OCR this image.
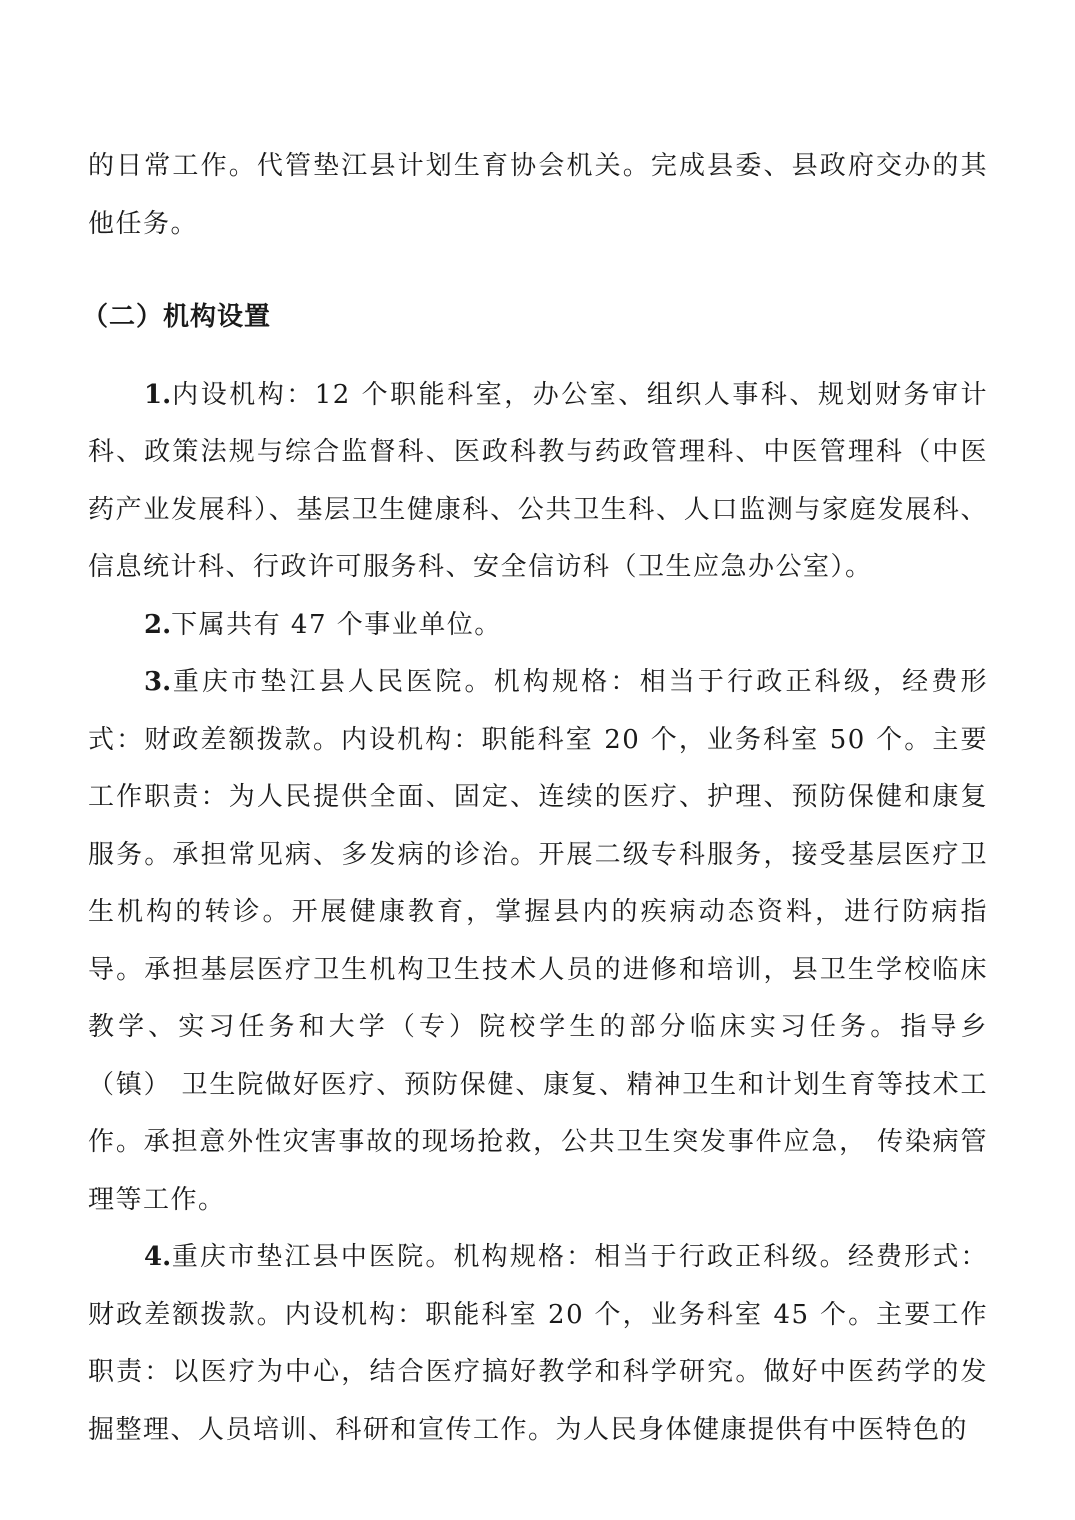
的日常工作。代管垫江县计划生育协会机关。完成县委、县政府交办的其他任务。

（二）机构设置

1.内设机构：12 个职能科室，办公室、组织人事科、规划财务审计科、政策法规与综合监督科、医政科教与药政管理科、中医管理科（中医药产业发展科）、基层卫生健康科、公共卫生科、人口监测与家庭发展科、信息统计科、行政许可服务科、安全信访科（卫生应急办公室）。

2.下属共有 47 个事业单位。

3.重庆市垫江县人民医院。机构规格：相当于行政正科级，经费形式：财政差额拨款。内设机构：职能科室 20 个，业务科室 50 个。主要工作职责：为人民提供全面、固定、连续的医疗、护理、预防保健和康复服务。承担常见病、多发病的诊治。开展二级专科服务，接受基层医疗卫生机构的转诊。开展健康教育，掌握县内的疾病动态资料，进行防病指导。承担基层医疗卫生机构卫生技术人员的进修和培训，县卫生学校临床教学、实习任务和大学（专）院校学生的部分临床实习任务。指导乡（镇） 卫生院做好医疗、预防保健、康复、精神卫生和计划生育等技术工作。承担意外性灾害事故的现场抢救，公共卫生突发事件应急， 传染病管理等工作。

4.重庆市垫江县中医院。机构规格：相当于行政正科级。经费形式：财政差额拨款。内设机构：职能科室 20 个，业务科室 45 个。主要工作职责：以医疗为中心，结合医疗搞好教学和科学研究。做好中医药学的发掘整理、人员培训、科研和宣传工作。为人民身体健康提供有中医特色的
